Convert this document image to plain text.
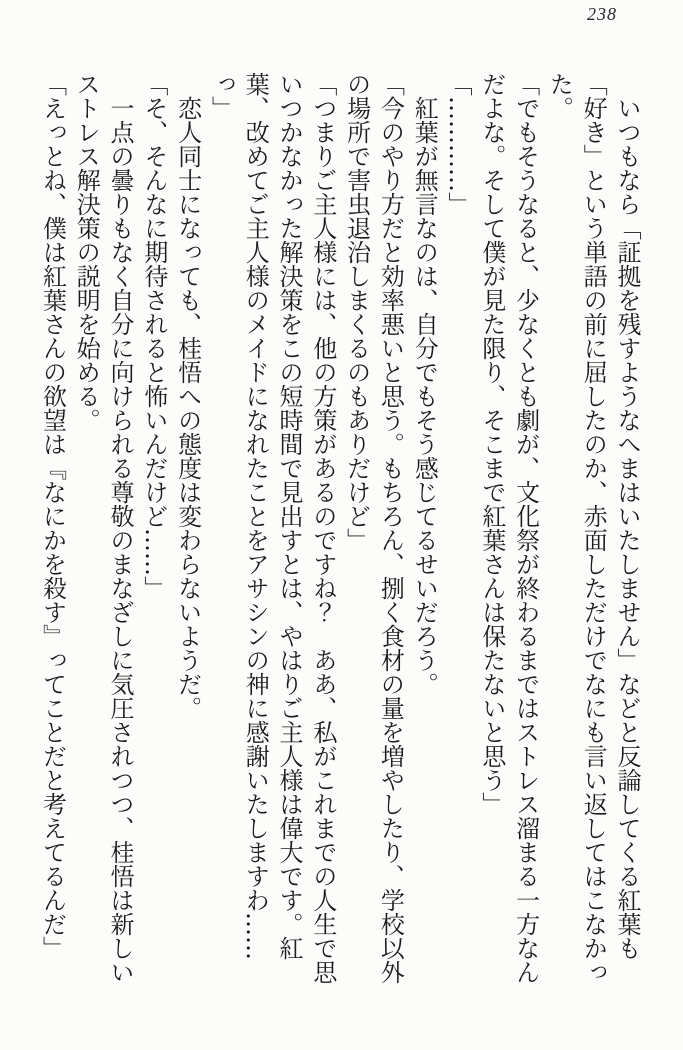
238

いつもなら「証拠を残すようなへまはいたしません」などと反論してくる紅葉も「好き」という単語の前に屈したのか、赤面しただけでなにも言い返してはこなかった。

「でもそうなると、少なくとも劇が、文化祭が終わるまではストレス溜まる一方なんだよな。そして僕が見た限り、そこまで紅葉さんは保たないと思う」

「…………」

紅葉が無言なのは、自分でもそう感じてるせいだろう。

「今のやり方だと効率悪いと思う。もちろん、捌く食材の量を増やしたり、学校以外の場所で害虫退治しまくるのもありだけど」

「つまりご主人様には、他の方策があるのですね？　ああ、私がこれまでの人生で思いつかなかった解決策をこの短時間で見出すとは、やはりご主人様は偉大です。紅葉、改めてご主人様のメイドになれたことをアサシンの神に感謝いたしますわ……っ」

恋人同士になっても、桂悟への態度は変わらないようだ。

「そ、そんなに期待されると怖いんだけど……」

一点の曇りもなく自分に向けられる尊敬のまなざしに気圧されつつ、桂悟は新しいストレス解決策の説明を始める。

「えっとね、僕は紅葉さんの欲望は『なにかを殺す』ってことだと考えてるんだ」
